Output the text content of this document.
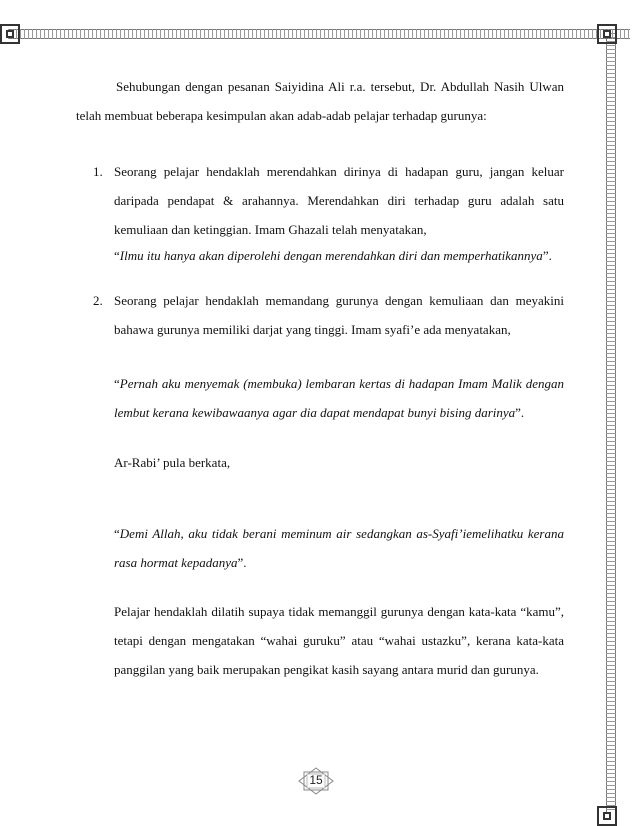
Sehubungan dengan pesanan Saiyidina Ali r.a. tersebut, Dr. Abdullah Nasih Ulwan telah membuat beberapa kesimpulan akan adab-adab pelajar terhadap gurunya:
1. Seorang pelajar hendaklah merendahkan dirinya di hadapan guru, jangan keluar daripada pendapat & arahannya. Merendahkan diri terhadap guru adalah satu kemuliaan dan ketinggian. Imam Ghazali telah menyatakan,
“Ilmu itu hanya akan diperolehi dengan merendahkan diri dan memperhatikannya”.
2. Seorang pelajar hendaklah memandang gurunya dengan kemuliaan dan meyakini bahawa gurunya memiliki darjat yang tinggi. Imam syafi’e ada menyatakan,
“Pernah aku menyemak (membuka) lembaran kertas di hadapan Imam Malik dengan lembut kerana kewibawaanya agar dia dapat mendapat bunyi bising darinya”.
Ar-Rabi’ pula berkata,
“Demi Allah, aku tidak berani meminum air sedangkan as-Syafi’iemelihatku kerana rasa hormat kepadanya”.
Pelajar hendaklah dilatih supaya tidak memanggil gurunya dengan kata-kata “kamu”, tetapi dengan mengatakan “wahai guruku” atau “wahai ustazku”, kerana kata-kata panggilan yang baik merupakan pengikat kasih sayang antara murid dan gurunya.
15
